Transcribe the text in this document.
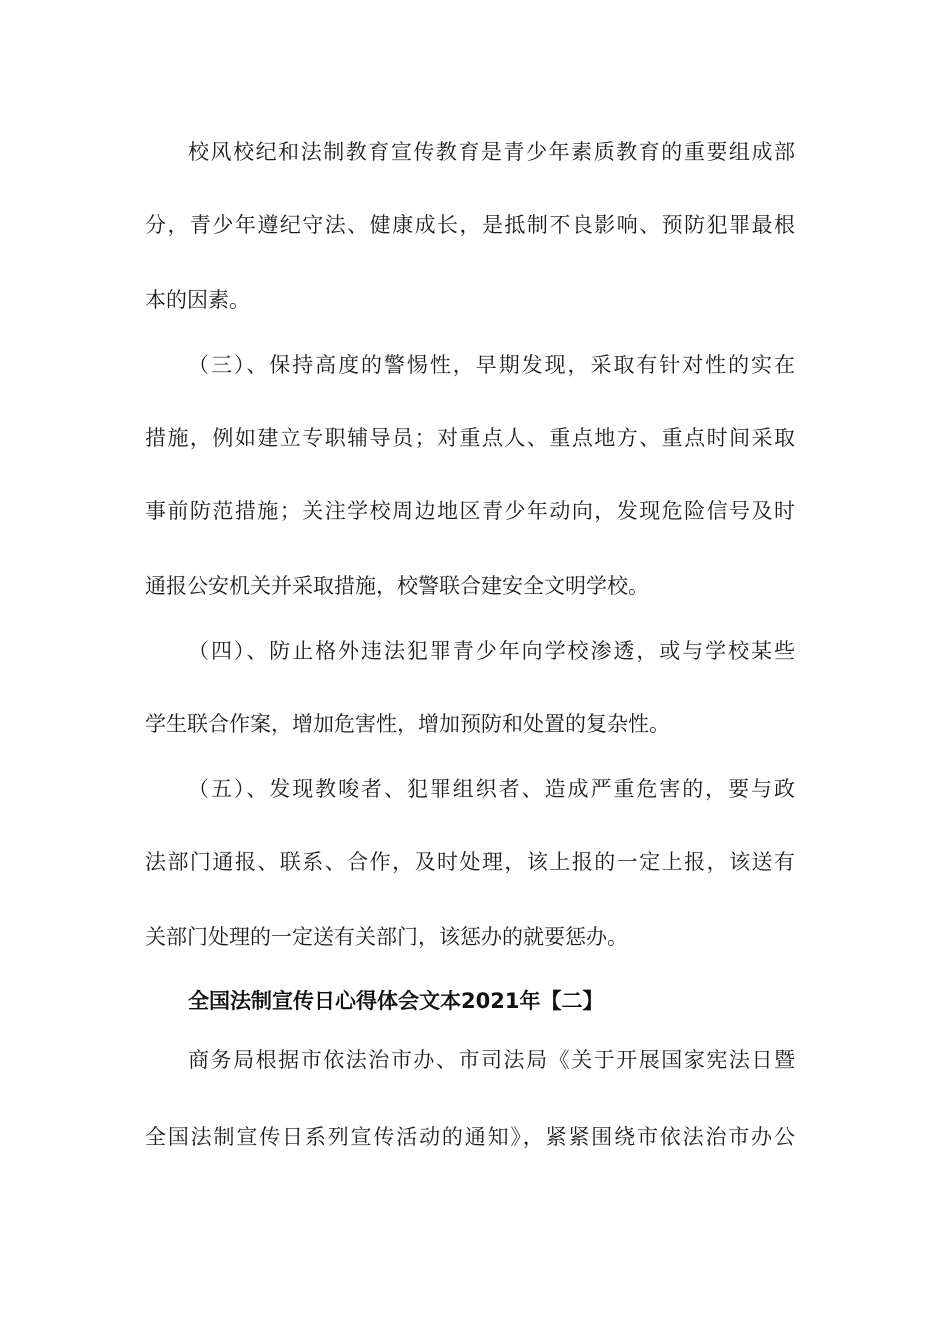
校风校纪和法制教育宣传教育是青少年素质教育的重要组成部
分，青少年遵纪守法、健康成长，是抵制不良影响、预防犯罪最根
本的因素。
（三）、保持高度的警惕性，早期发现，采取有针对性的实在
措施，例如建立专职辅导员；对重点人、重点地方、重点时间采取
事前防范措施；关注学校周边地区青少年动向，发现危险信号及时
通报公安机关并采取措施，校警联合建安全文明学校。
（四）、防止格外违法犯罪青少年向学校渗透，或与学校某些
学生联合作案，增加危害性，增加预防和处置的复杂性。
（五）、发现教唆者、犯罪组织者、造成严重危害的，要与政
法部门通报、联系、合作，及时处理，该上报的一定上报，该送有
关部门处理的一定送有关部门，该惩办的就要惩办。
全国法制宣传日心得体会文本2021年【二】
商务局根据市依法治市办、市司法局《关于开展国家宪法日暨
全国法制宣传日系列宣传活动的通知》，紧紧围绕市依法治市办公
